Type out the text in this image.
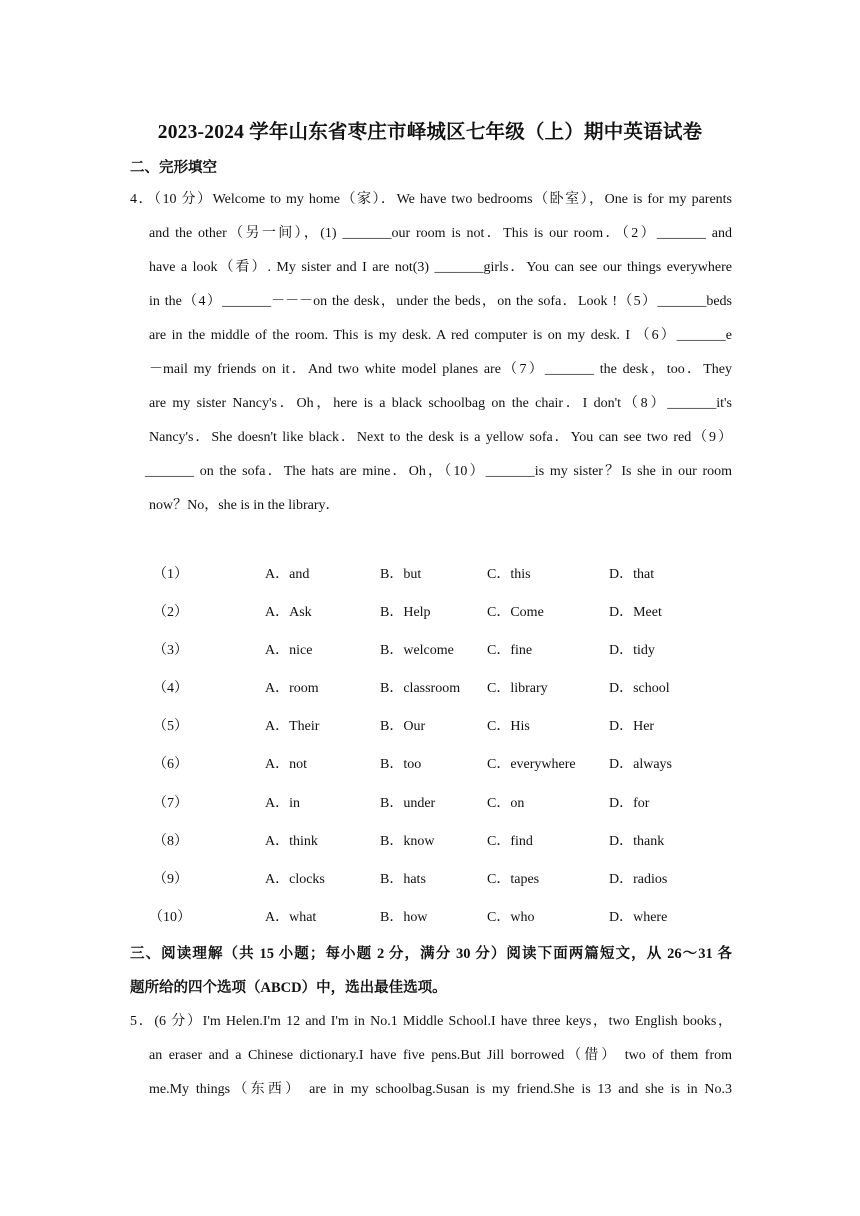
2023-2024 学年山东省枣庄市峄城区七年级（上）期中英语试卷
二、完形填空
4．（10 分）Welcome to my home（家）．We have two bedrooms（卧室），One is for my parents
and the other（另一间），(1) _______our room is not．This is our room．（2）_______ and
have a look（看）. My sister and I are not(3) _______girls．You can see our things everywhere
in the（4）_______－－－on the desk，under the beds，on the sofa．Look !（5）_______beds
are in the middle of the room. This is my desk. A red computer is on my desk. I （6）_______e
－mail my friends on it．And two white model planes are（7）_______ the desk，too．They
are my sister Nancy's．Oh，here is a black schoolbag on the chair．I don't（8）_______it's
Nancy's．She doesn't like black．Next to the desk is a yellow sofa．You can see two red（9）
_______ on the sofa．The hats are mine．Oh，（10）_______is my sister？Is she in our room
now？No，she is in the library．
（1）	A．and	B．but	C．this	D．that
（2）	A．Ask	B．Help	C．Come	D．Meet
（3）	A．nice	B．welcome C．fine	D．tidy
（4）	A．room	B．classroom C．library	D．school
（5）	A．Their	B．Our	C．His	D．Her
（6）	A．not	B．too	C．everywhere D．always
（7）	A．in	B．under	C．on	D．for
（8）	A．think	B．know	C．find	D．thank
（9）	A．clocks	B．hats	C．tapes	D．radios
（10）	A．what	B．how	C．who	D．where
三、阅读理解（共 15 小题；每小题 2 分，满分 30 分）阅读下面两篇短文，从 26～31 各
题所给的四个选项（ABCD）中，选出最佳选项。
5．(6 分）I'm Helen.I'm 12 and I'm in No.1 Middle School.I have three keys，two English books，
an eraser and a Chinese dictionary.I have five pens.But Jill borrowed（借） two of them from
me.My things（东西） are in my schoolbag.Susan is my friend.She is 13 and she is in No.3
